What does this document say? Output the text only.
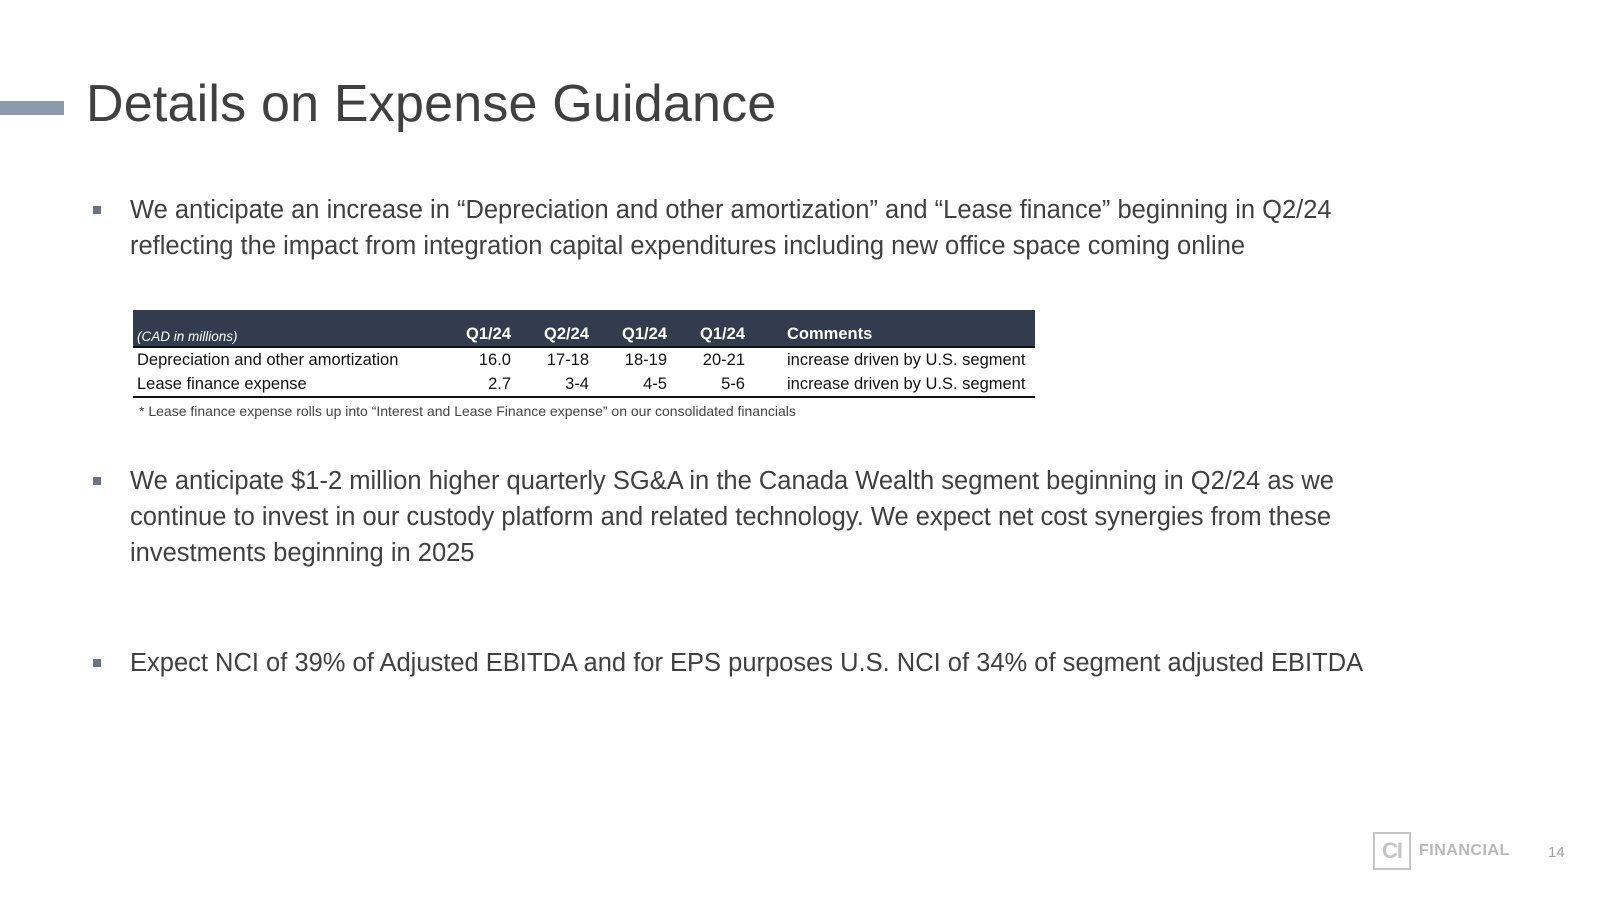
Details on Expense Guidance
We anticipate an increase in “Depreciation and other amortization” and “Lease finance” beginning in Q2/24 reflecting the impact from integration capital expenditures including new office space coming online
(CAD in millions)	Q1/24	Q2/24	Q1/24	Q1/24	Comments
Depreciation and other amortization	16.0	17-18	18-19	20-21	increase driven by U.S. segment
Lease finance expense	2.7	3-4	4-5	5-6	increase driven by U.S. segment
* Lease finance expense rolls up into “Interest and Lease Finance expense” on our consolidated financials
We anticipate $1-2 million higher quarterly SG&A in the Canada Wealth segment beginning in Q2/24 as we continue to invest in our custody platform and related technology. We expect net cost synergies from these investments beginning in 2025
Expect NCI of 39% of Adjusted EBITDA and for EPS purposes U.S. NCI of 34% of segment adjusted EBITDA
CI	FINANCIAL	14
